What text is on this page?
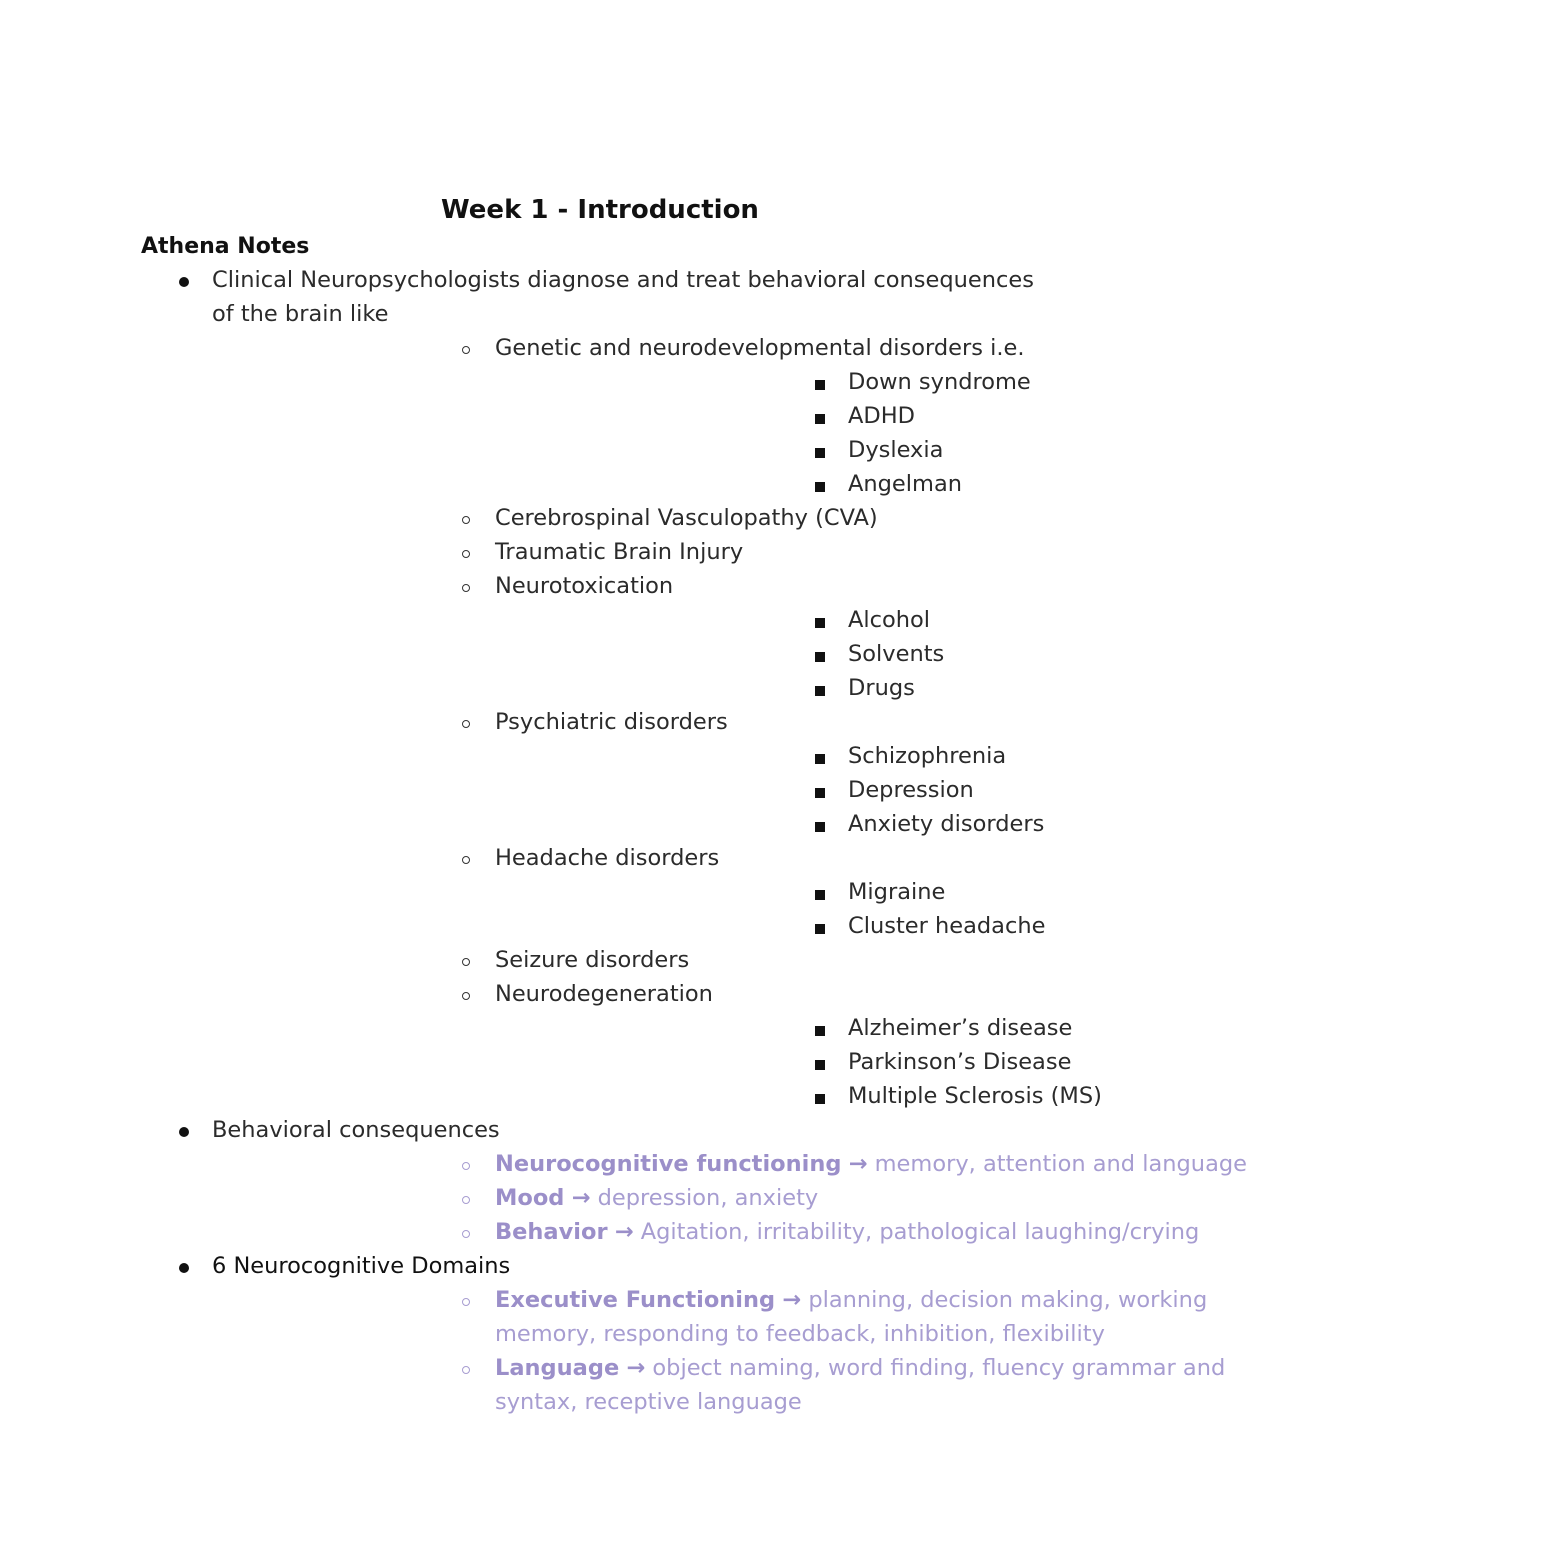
Week 1 - Introduction
Athena Notes
Clinical Neuropsychologists diagnose and treat behavioral consequences of the brain like
Genetic and neurodevelopmental disorders i.e.
Down syndrome
ADHD
Dyslexia
Angelman
Cerebrospinal Vasculopathy (CVA)
Traumatic Brain Injury
Neurotoxication
Alcohol
Solvents
Drugs
Psychiatric disorders
Schizophrenia
Depression
Anxiety disorders
Headache disorders
Migraine
Cluster headache
Seizure disorders
Neurodegeneration
Alzheimer’s disease
Parkinson’s Disease
Multiple Sclerosis (MS)
Behavioral consequences
Neurocognitive functioning → memory, attention and language
Mood → depression, anxiety
Behavior → Agitation, irritability, pathological laughing/crying
6 Neurocognitive Domains
Executive Functioning → planning, decision making, working memory, responding to feedback, inhibition, flexibility
Language → object naming, word finding, fluency grammar and syntax, receptive language
